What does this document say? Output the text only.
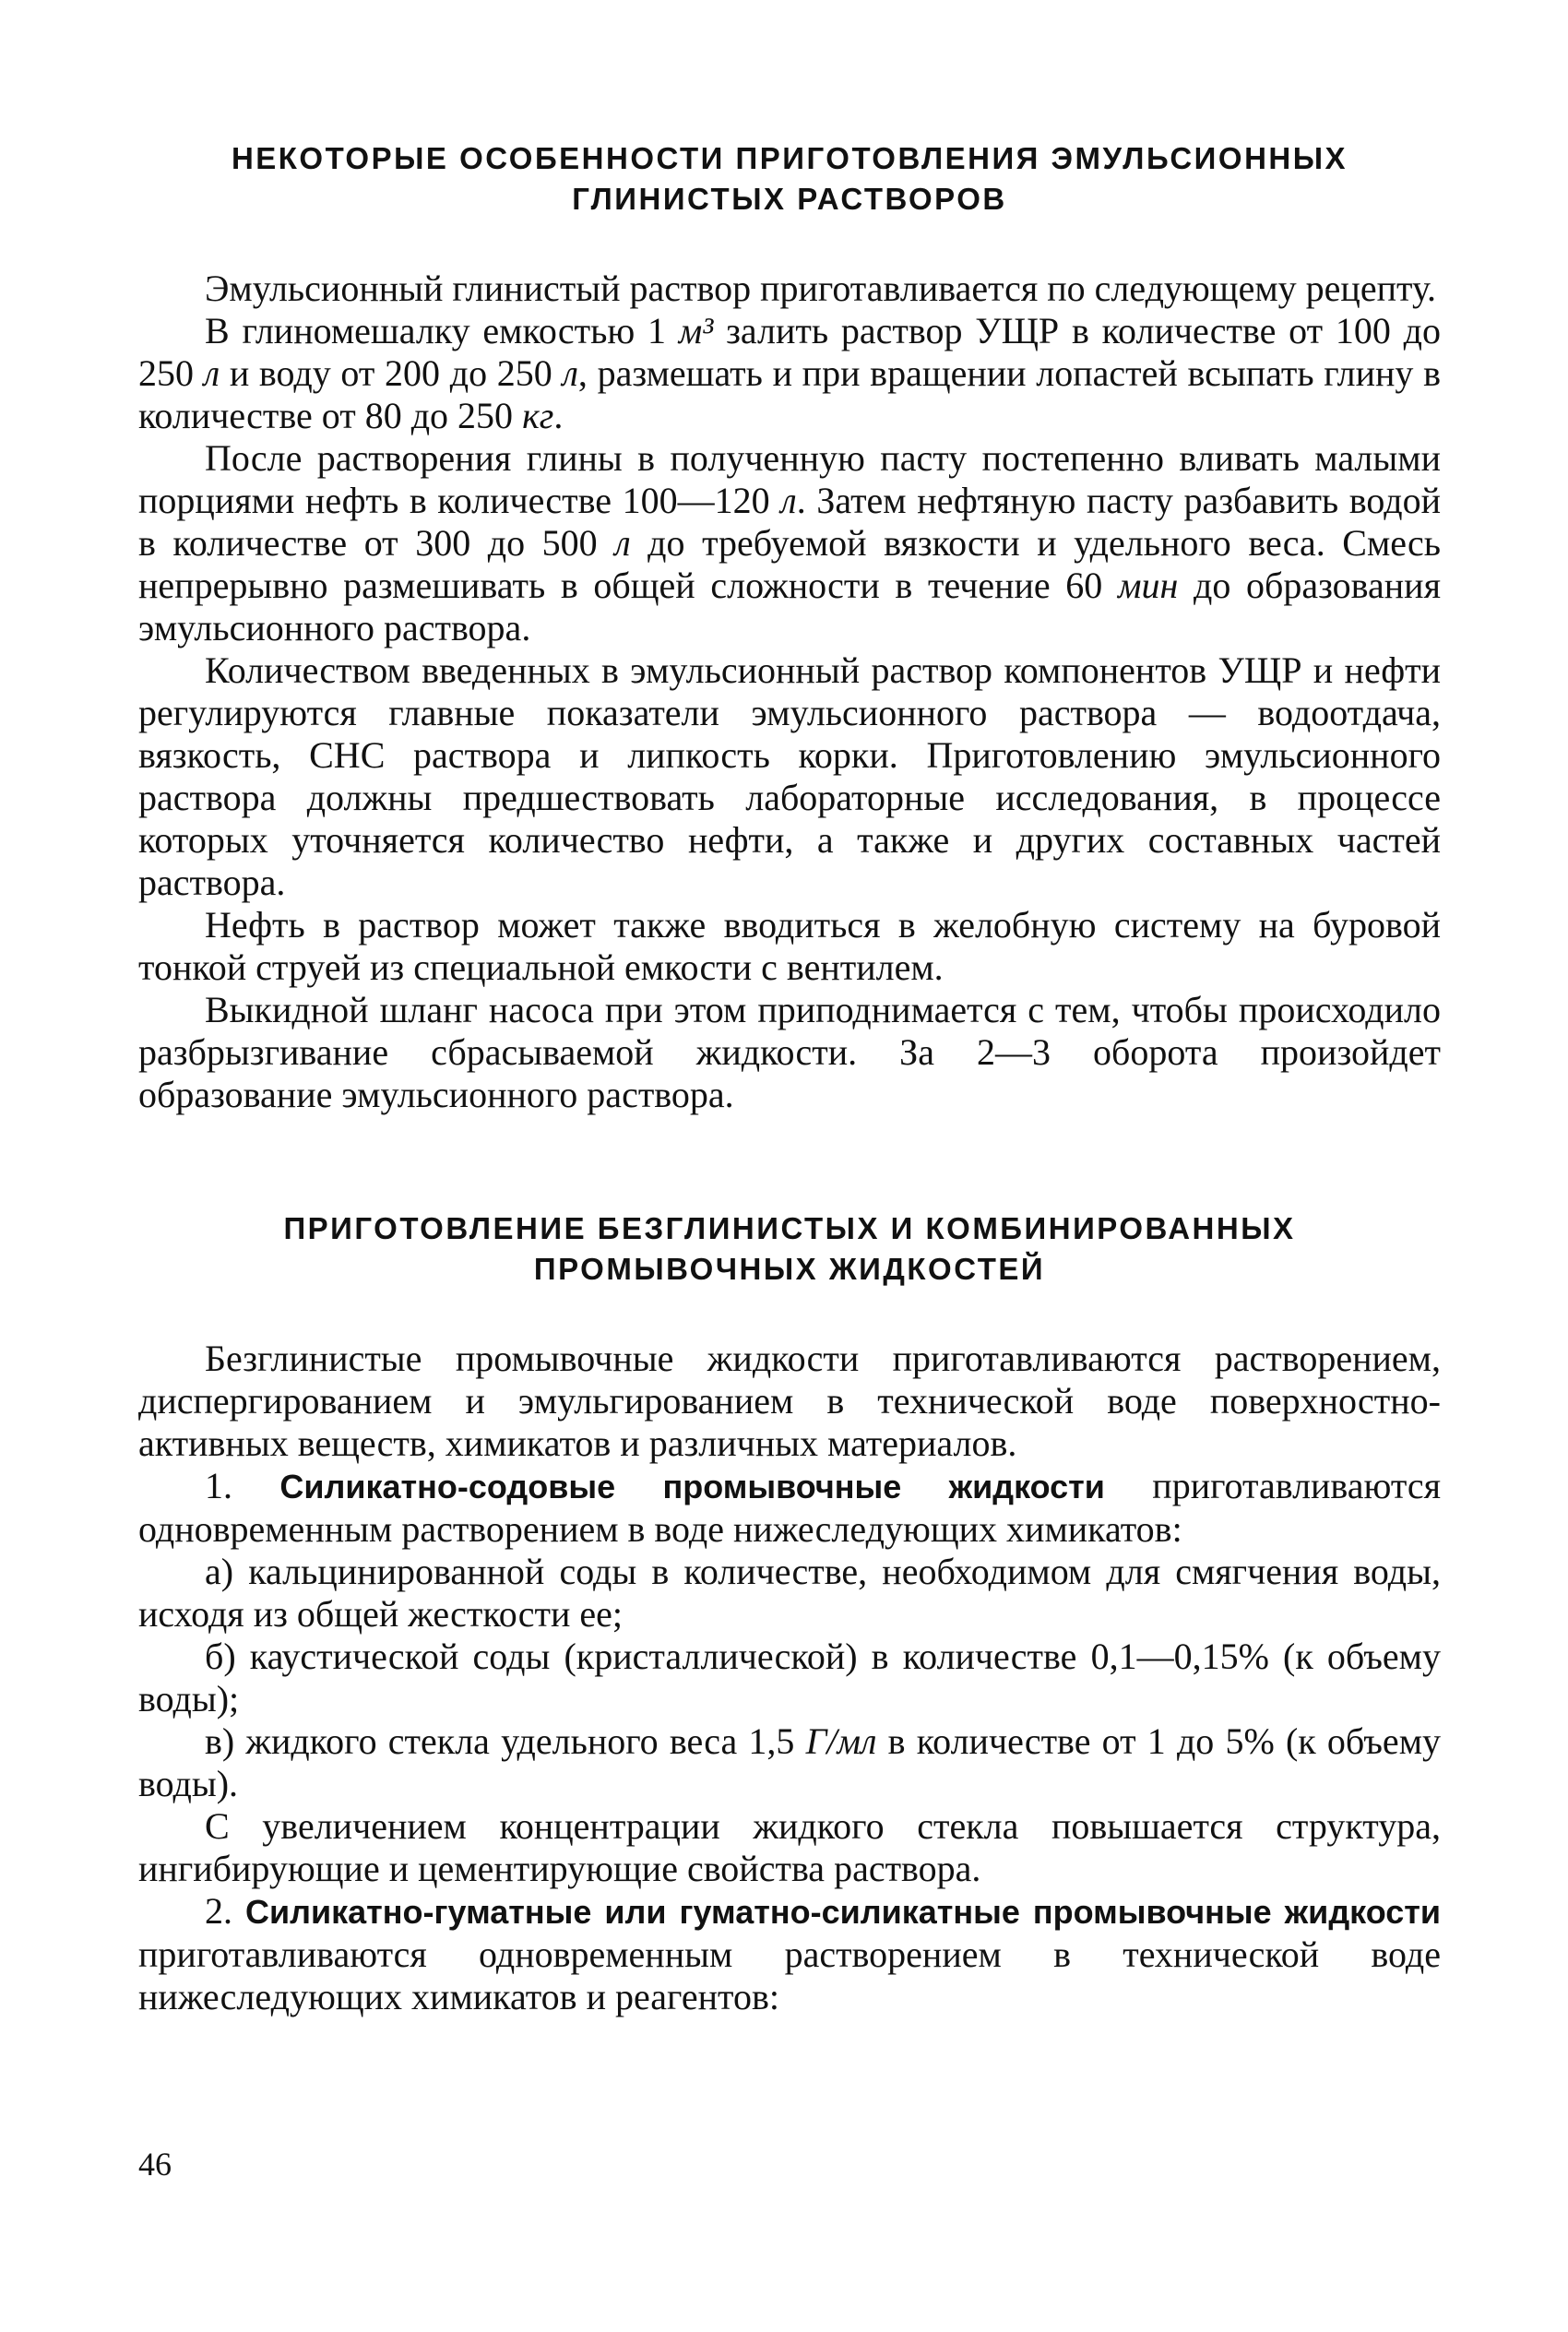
НЕКОТОРЫЕ ОСОБЕННОСТИ ПРИГОТОВЛЕНИЯ ЭМУЛЬСИОННЫХ
ГЛИНИСТЫХ РАСТВОРОВ

Эмульсионный глинистый раствор приготавливается по следующему рецепту.

В глиномешалку емкостью 1 м³ залить раствор УЩР в количестве от 100 до 250 л и воду от 200 до 250 л, размешать и при вращении лопастей всыпать глину в количестве от 80 до 250 кг.

После растворения глины в полученную пасту постепенно вливать малыми порциями нефть в количестве 100—120 л. Затем нефтяную пасту разбавить водой в количестве от 300 до 500 л до требуемой вязкости и удельного веса. Смесь непрерывно размешивать в общей сложности в течение 60 мин до образования эмульсионного раствора.

Количеством введенных в эмульсионный раствор компонентов УЩР и нефти регулируются главные показатели эмульсионного раствора — водоотдача, вязкость, СНС раствора и липкость корки. Приготовлению эмульсионного раствора должны предшествовать лабораторные исследования, в процессе которых уточняется количество нефти, а также и других составных частей раствора.

Нефть в раствор может также вводиться в желобную систему на буровой тонкой струей из специальной емкости с вентилем.

Выкидной шланг насоса при этом приподнимается с тем, чтобы происходило разбрызгивание сбрасываемой жидкости. За 2—3 оборота произойдет образование эмульсионного раствора.

ПРИГОТОВЛЕНИЕ БЕЗГЛИНИСТЫХ И КОМБИНИРОВАННЫХ
ПРОМЫВОЧНЫХ ЖИДКОСТЕЙ

Безглинистые промывочные жидкости приготавливаются растворением, диспергированием и эмульгированием в технической воде поверхностно-активных веществ, химикатов и различных материалов.

1. Силикатно-содовые промывочные жидкости приготавливаются одновременным растворением в воде нижеследующих химикатов:

а) кальцинированной соды в количестве, необходимом для смягчения воды, исходя из общей жесткости ее;

б) каустической соды (кристаллической) в количестве 0,1—0,15% (к объему воды);

в) жидкого стекла удельного веса 1,5 Г/мл в количестве от 1 до 5% (к объему воды).

С увеличением концентрации жидкого стекла повышается структура, ингибирующие и цементирующие свойства раствора.

2. Силикатно-гуматные или гуматно-силикатные промывочные жидкости приготавливаются одновременным растворением в технической воде нижеследующих химикатов и реагентов:

46
